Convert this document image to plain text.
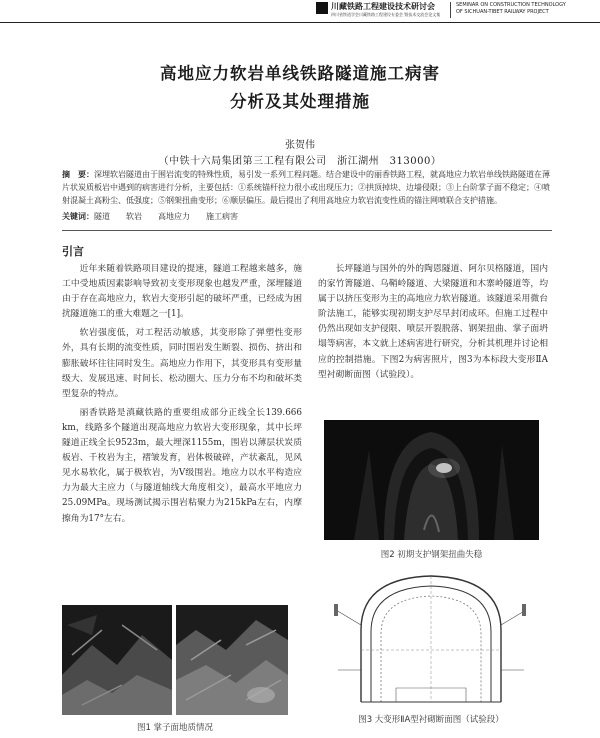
川藏铁路工程建设技术研讨会
四川省铁道学会川藏铁路工程建设专委会 暨技术交流会论文集
SEMINAR ON CONSTRUCTION TECHNOLOGY
OF SICHUAN-TIBET RAILWAY PROJECT
高地应力软岩单线铁路隧道施工病害
分析及其处理措施
张贺伟
（中铁十六局集团第三工程有限公司　浙江湖州　313000）
摘　要：深埋软岩隧道由于围岩流变的特殊性质，易引发一系列工程问题。结合建设中的丽香铁路工程，就高地应力软岩单线铁路隧道在薄片状炭质板岩中遇到的病害进行分析，主要包括：①系统锚杆拉力很小或出现压力；②拱顶掉块、边墙侵限；③上台阶掌子面不稳定；④喷射混凝土高粉尘、低强度；⑤钢架扭曲变形；⑥顺层偏压。最后提出了利用高地应力软岩流变性质的锚注网喷联合支护措施。
关键词：隧道　　软岩　　高地应力　　施工病害
引言

近年来随着铁路项目建设的提速，隧道工程越来越多，施工中受地质因素影响导致初支变形现象也越发严重，深埋隧道由于存在高地应力，软岩大变形引起的破坏严重，已经成为困扰隧道施工的重大难题之一[1]。

软岩强度低，对工程活动敏感，其变形除了弹塑性变形外，具有长期的流变性质，同时围岩发生断裂、损伤、挤出和膨胀破坏往往同时发生。高地应力作用下，其变形具有变形量级大、发展迅速、时间长、松动圈大、压力分布不均和破坏类型复杂的特点。

丽香铁路是滇藏铁路的重要组成部分正线全长139.666 km，线路多个隧道出现高地应力软岩大变形现象，其中长坪隧道正线全长9523m，最大埋深1155m，围岩以薄层状炭质板岩、千枚岩为主，褶皱发育，岩体极破碎，产状紊乱，见风见水易软化，属于极软岩，为Ⅴ级围岩。地应力以水平构造应力为最大主应力（与隧道轴线大角度相交），最高水平地应力25.09MPa。现场测试揭示围岩粘聚力为215kPa左右，内摩擦角为17°左右。

长坪隧道与国外的外的陶恩隧道、阿尔贝格隧道，国内的家竹箐隧道、乌鞘岭隧道、大梁隧道和木寨岭隧道等，均属于以挤压变形为主的高地应力软岩隧道。该隧道采用微台阶法施工，能够实现初期支护尽早封闭成环。但施工过程中仍然出现如支护侵限、喷层开裂脱落、钢架扭曲、掌子面坍塌等病害，本文就上述病害进行研究，分析其机理并讨论相应的控制措施。下图2为病害照片，图3为本标段大变形ⅡA型衬砌断面图（试验段）。

图2 初期支护钢架扭曲失稳
图3 大变形ⅡA型衬砌断面图（试验段）
图1 掌子面地质情况
